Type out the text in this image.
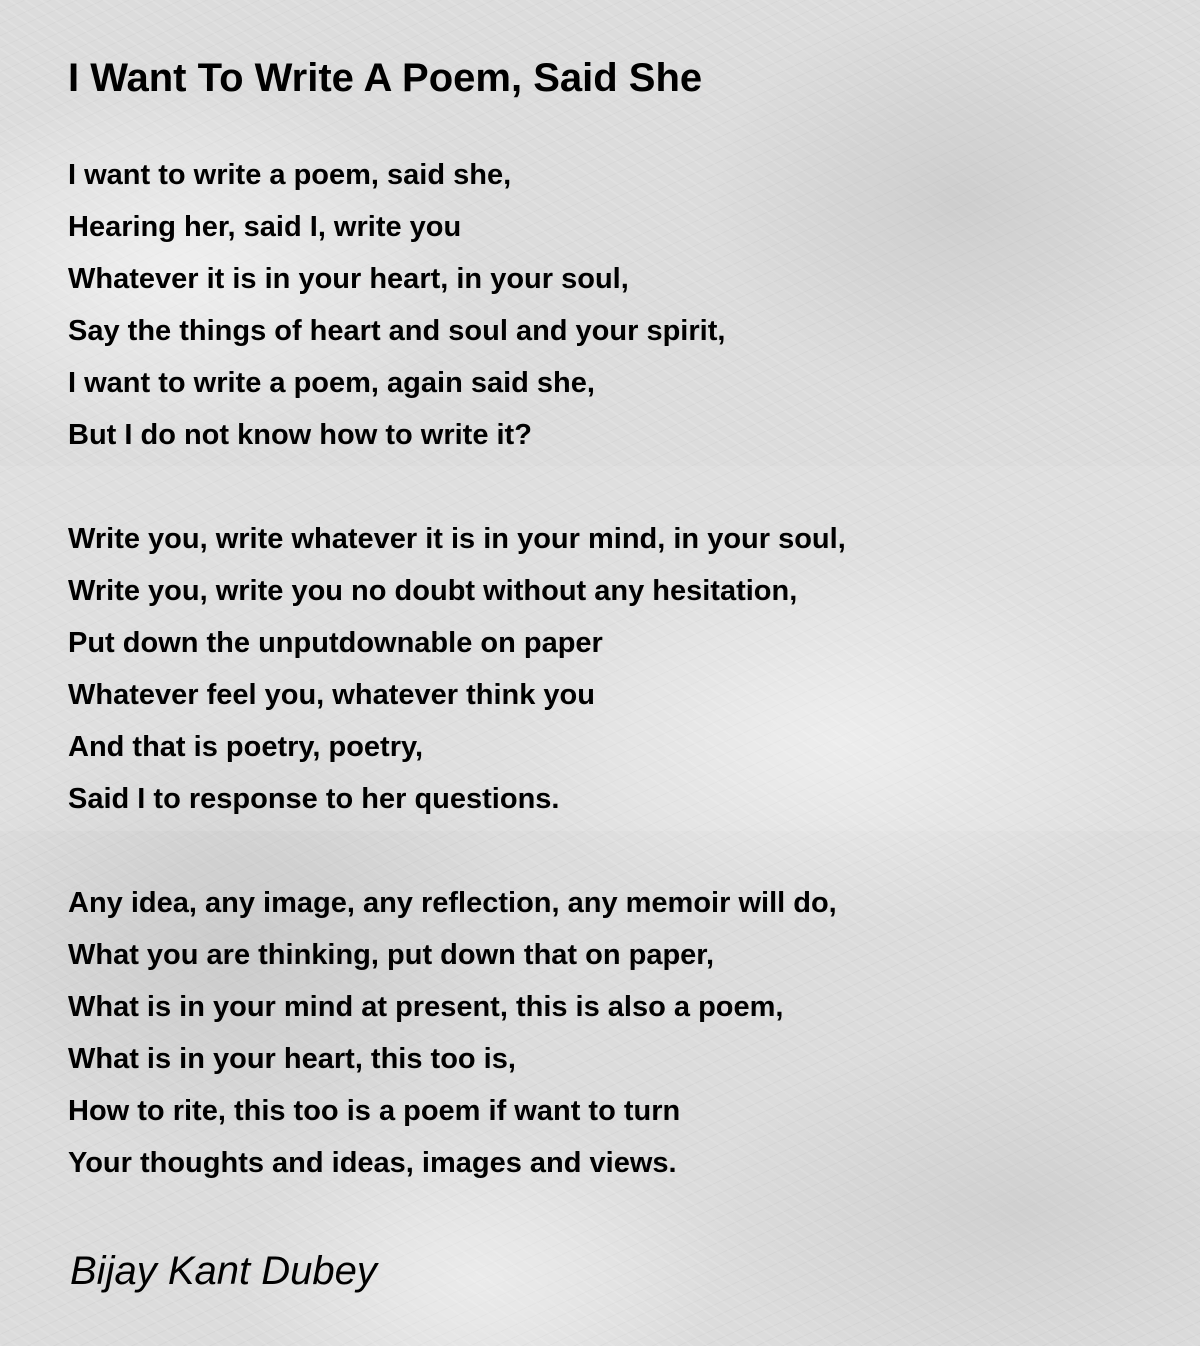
I Want To Write A Poem, Said She
I want to write a poem, said she,
Hearing her, said I, write you
Whatever it is in your heart, in your soul,
Say the things of heart and soul and your spirit,
I want to write a poem, again said she,
But I do not know how to write it?
Write you, write whatever it is in your mind, in your soul,
Write you, write you no doubt without any hesitation,
Put down the unputdownable on paper
Whatever feel you, whatever think you
And that is poetry, poetry,
Said I to response to her questions.
Any idea, any image, any reflection, any memoir will do,
What you are thinking, put down that on paper,
What is in your mind at present, this is also a poem,
What is in your heart, this too is,
How to rite, this too is a poem if want to turn
Your thoughts and ideas, images and views.
Bijay Kant Dubey
